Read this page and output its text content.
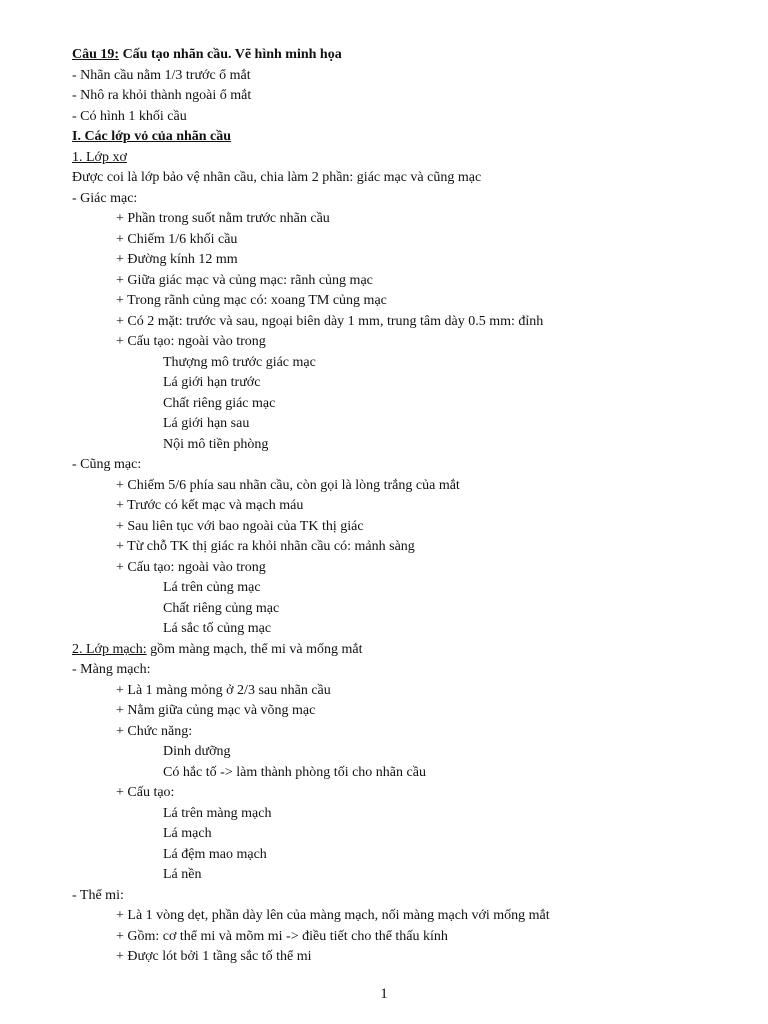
Câu 19: Cấu tạo nhãn cầu. Vẽ hình minh họa
- Nhãn cầu nằm 1/3 trước ổ mắt
- Nhô ra khỏi thành ngoài ổ mắt
- Có hình 1 khối cầu
I. Các lớp vỏ của nhãn cầu
1. Lớp xơ
Được coi là lớp bảo vệ nhãn cầu, chia làm 2 phần: giác mạc và cũng mạc
- Giác mạc:
+ Phần trong suốt nằm trước nhãn cầu
+ Chiếm 1/6 khối cầu
+ Đường kính 12 mm
+ Giữa giác mạc và củng mạc: rãnh củng mạc
+ Trong rãnh củng mạc có: xoang TM củng mạc
+ Có 2 mặt: trước và sau, ngoại biên dày 1 mm, trung tâm dày 0.5 mm: đỉnh
+ Cấu tạo: ngoài vào trong
Thượng mô trước giác mạc
Lá giới hạn trước
Chất riêng giác mạc
Lá giới hạn sau
Nội mô tiền phòng
- Cũng mạc:
+ Chiếm 5/6 phía sau nhãn cầu, còn gọi là lòng trắng của mắt
+ Trước có kết mạc và mạch máu
+ Sau liên tục với bao ngoài của TK thị giác
+ Từ chỗ TK thị giác ra khỏi nhãn cầu có: mảnh sàng
+ Cấu tạo: ngoài vào trong
Lá trên củng mạc
Chất riêng củng mạc
Lá sắc tố củng mạc
2. Lớp mạch: gồm màng mạch, thể mi và mống mắt
- Màng mạch:
+ Là 1 màng mỏng ở 2/3 sau nhãn cầu
+ Nằm giữa củng mạc và võng mạc
+ Chức năng:
Dinh dưỡng
Có hắc tố -> làm thành phòng tối cho nhãn cầu
+ Cấu tạo:
Lá trên màng mạch
Lá mạch
Lá đệm mao mạch
Lá nền
- Thể mi:
+ Là 1 vòng dẹt, phần dày lên của màng mạch, nối màng mạch với mống mắt
+ Gồm: cơ thể mi và mõm mi -> điều tiết cho thể thấu kính
+ Được lót bởi 1 tầng sắc tố thể mi
1
